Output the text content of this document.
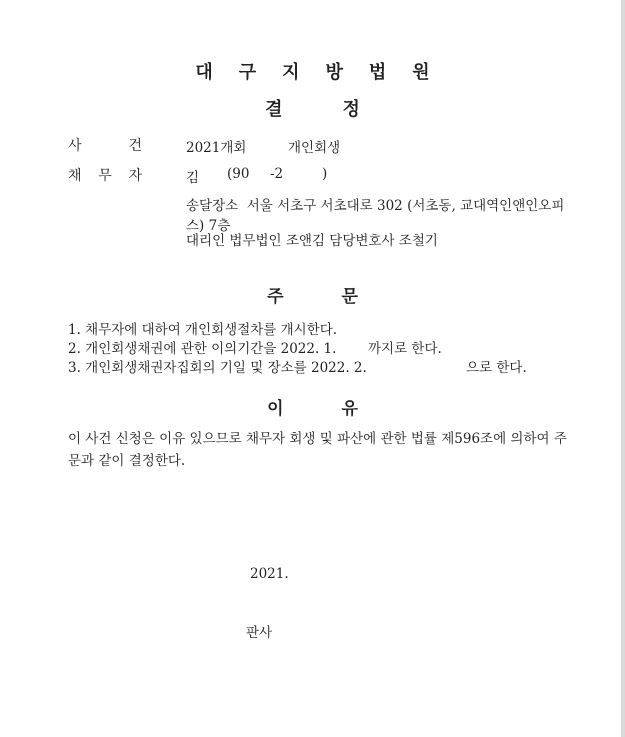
대구지방법원
결정
사	건	2021개회	개인회생
채 무 자	김 (90 -2	)
송달장소 서울 서초구 서초대로 302 (서초동, 교대역인앤인오피스) 7층
대리인 법무법인 조앤김 담당변호사 조철기
주문
1. 채무자에 대하여 개인회생절차를 개시한다.
2. 개인회생채권에 관한 이의기간을 2022. 1. 까지로 한다.
3. 개인회생채권자집회의 기일 및 장소를 2022. 2.	으로 한다.
이유
이 사건 신청은 이유 있으므로 채무자 회생 및 파산에 관한 법률 제596조에 의하여 주문과 같이 결정한다.
2021.
판사
